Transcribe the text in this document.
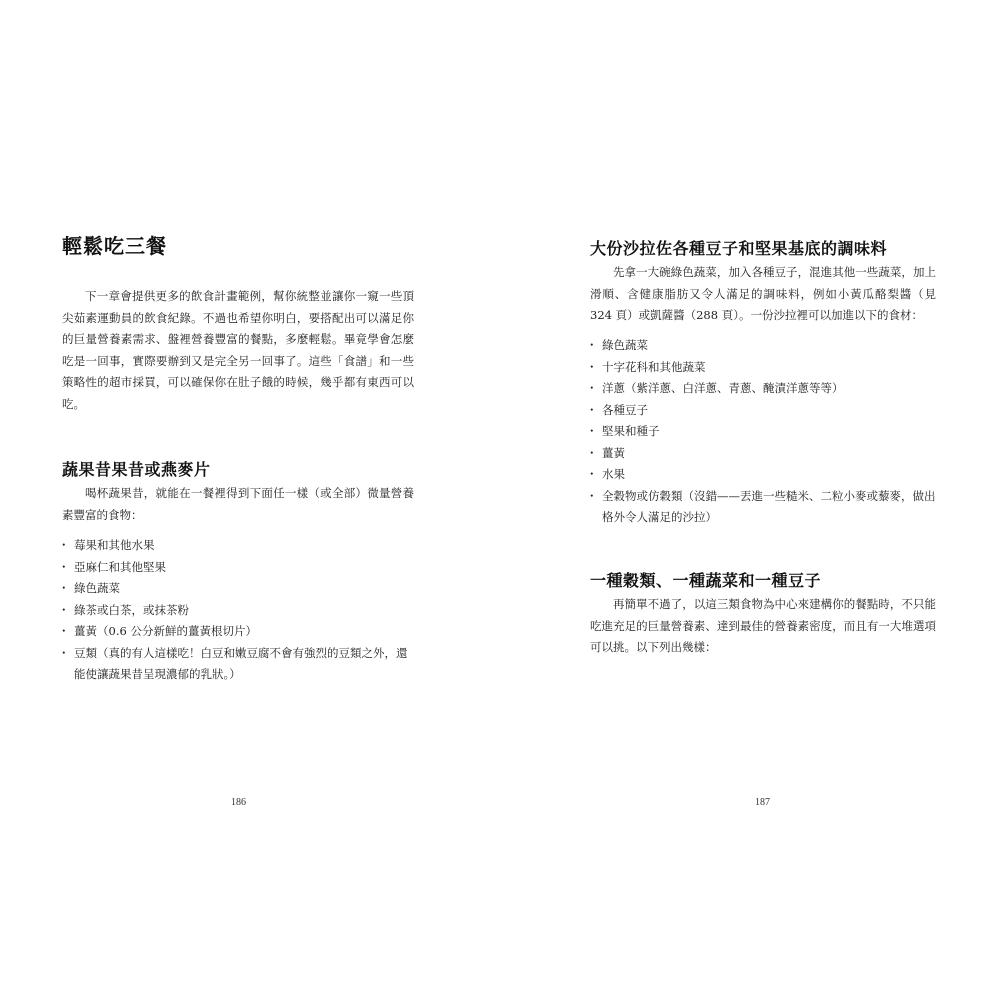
輕鬆吃三餐

下一章會提供更多的飲食計畫範例，幫你統整並讓你一窺一些頂尖茹素運動員的飲食紀錄。不過也希望你明白，要搭配出可以滿足你的巨量營養素需求、盤裡營養豐富的餐點，多麼輕鬆。畢竟學會怎麼吃是一回事，實際要辦到又是完全另一回事了。這些「食譜」和一些策略性的超市採買，可以確保你在肚子餓的時候，幾乎都有東西可以吃。

蔬果昔果昔或燕麥片

喝杯蔬果昔，就能在一餐裡得到下面任一樣（或全部）微量營養素豐富的食物：

・ 莓果和其他水果
・ 亞麻仁和其他堅果
・ 綠色蔬菜
・ 綠茶或白茶，或抹茶粉
・ 薑黃（0.6 公分新鮮的薑黃根切片）
・ 豆類（真的有人這樣吃！白豆和嫩豆腐不會有強烈的豆類之外，還能使讓蔬果昔呈現濃郁的乳狀。）
186
大份沙拉佐各種豆子和堅果基底的調味料

先拿一大碗綠色蔬菜，加入各種豆子，混進其他一些蔬菜，加上滑順、含健康脂肪又令人滿足的調味料，例如小黃瓜酪梨醬（見 324 頁）或凱薩醬（288 頁）。一份沙拉裡可以加進以下的食材：

・ 綠色蔬菜
・ 十字花科和其他蔬菜
・ 洋蔥（紫洋蔥、白洋蔥、青蔥、醃漬洋蔥等等）
・ 各種豆子
・ 堅果和種子
・ 薑黃
・ 水果
・ 全穀物或仿穀類（沒錯——丟進一些糙米、二粒小麥或藜麥，做出格外令人滿足的沙拉）
一種穀類、一種蔬菜和一種豆子

再簡單不過了，以這三類食物為中心來建構你的餐點時，不只能吃進充足的巨量營養素、達到最佳的營養素密度，而且有一大堆選項可以挑。以下列出幾樣：

187
